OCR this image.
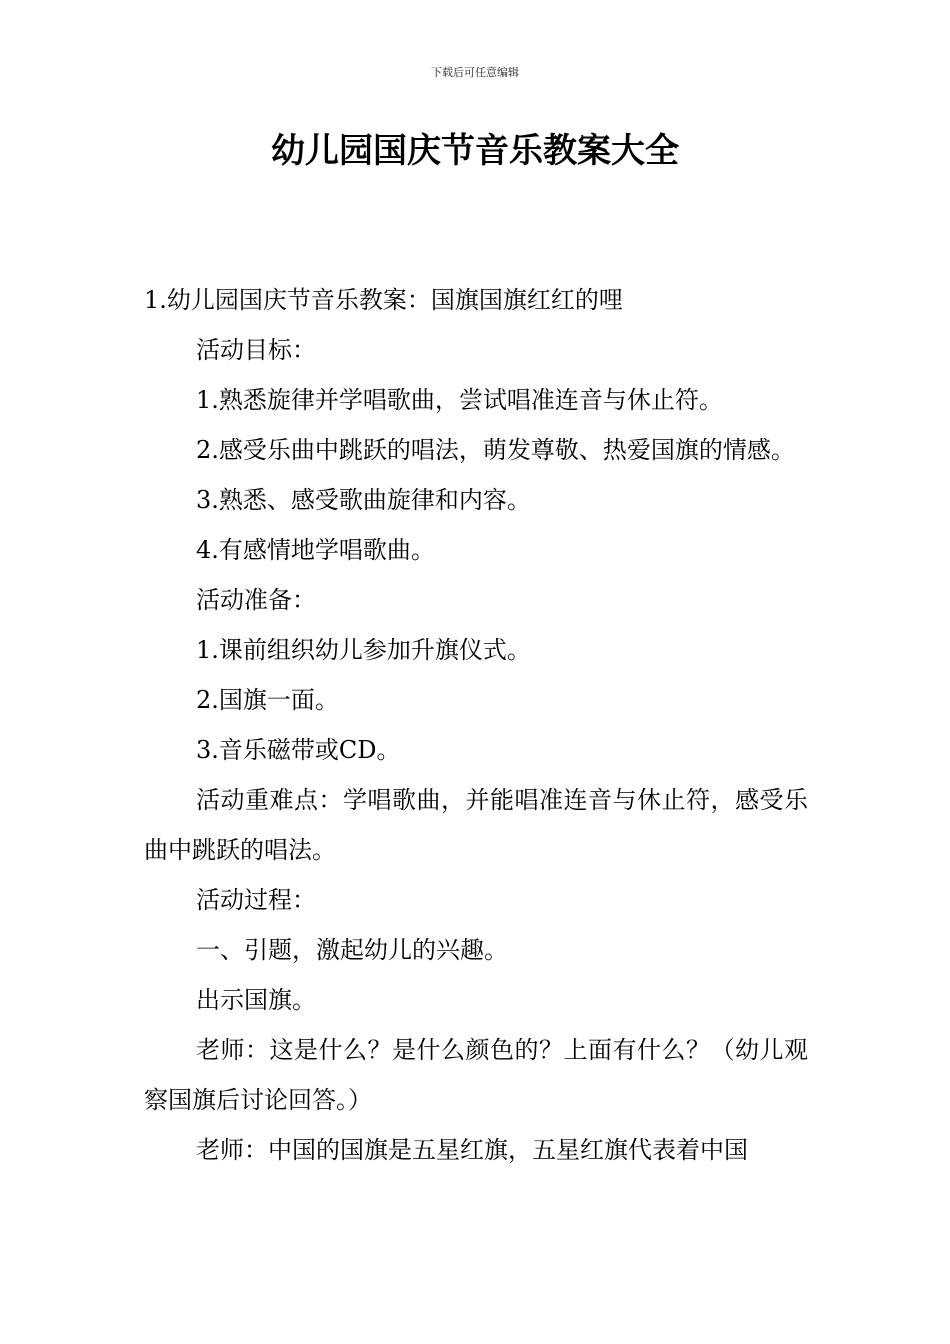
下载后可任意编辑
幼儿园国庆节音乐教案大全

1.幼儿园国庆节音乐教案：国旗国旗红红的哩

活动目标：

1.熟悉旋律并学唱歌曲，尝试唱准连音与休止符。

2.感受乐曲中跳跃的唱法，萌发尊敬、热爱国旗的情感。

3.熟悉、感受歌曲旋律和内容。

4.有感情地学唱歌曲。

活动准备：

1.课前组织幼儿参加升旗仪式。

2.国旗一面。

3.音乐磁带或CD。

活动重难点：学唱歌曲，并能唱准连音与休止符，感受乐曲中跳跃的唱法。

活动过程：

一、引题，激起幼儿的兴趣。

出示国旗。

老师：这是什么？是什么颜色的？上面有什么？（幼儿观察国旗后讨论回答。）

老师：中国的国旗是五星红旗，五星红旗代表着中国
